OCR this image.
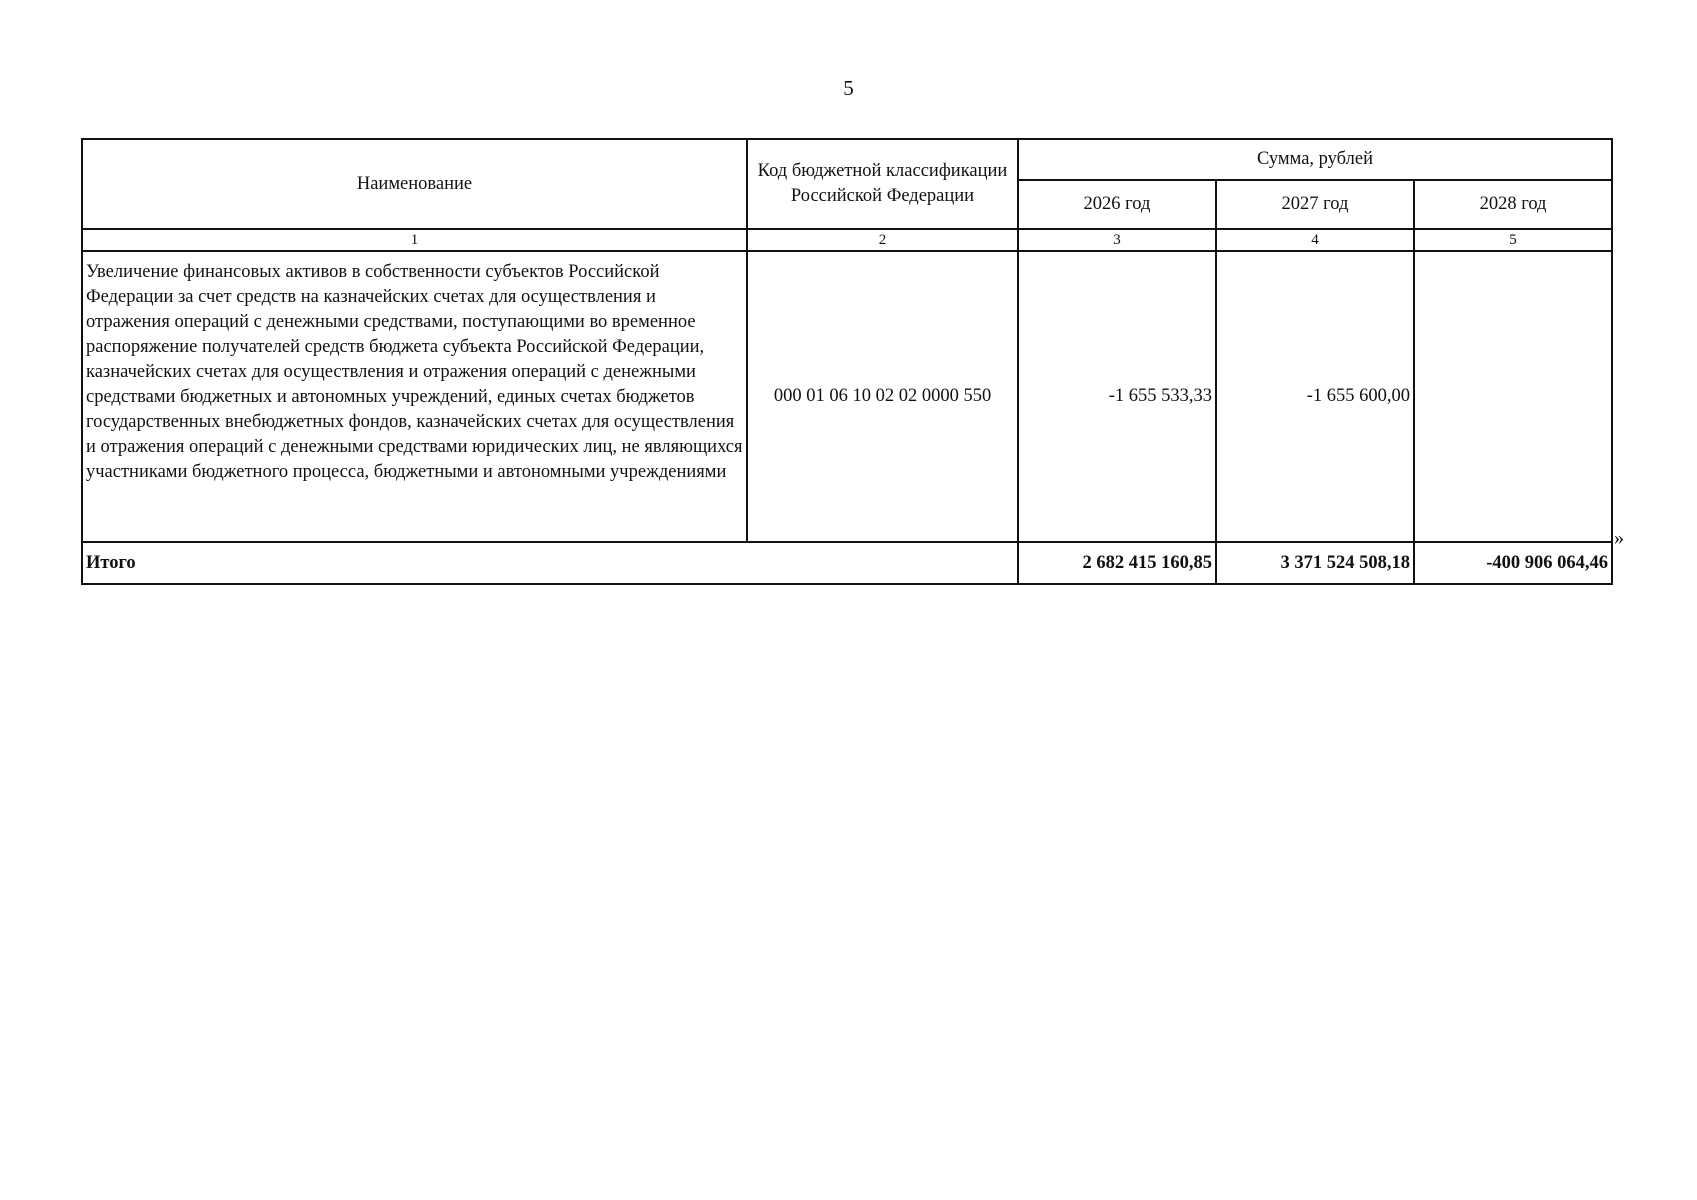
5
Наименование	Код бюджетной классификации Российской Федерации	Сумма, рублей		
		2026 год	2027 год	2028 год
1	2	3	4	5
Увеличение финансовых активов в собственности субъектов Российской Федерации за счет средств на казначейских счетах для осуществления и отражения операций с денежными средствами, поступающими во временное распоряжение получателей средств бюджета субъекта Российской Федерации, казначейских счетах для осуществления и отражения операций с денежными средствами бюджетных и автономных учреждений, единых счетах бюджетов государственных внебюджетных фондов, казначейских счетах для осуществления и отражения операций с денежными средствами юридических лиц, не являющихся участниками бюджетного процесса, бюджетными и автономными учреждениями	000 01 06 10 02 02 0000 550	-1 655 533,33	-1 655 600,00	
Итого		2 682 415 160,85	3 371 524 508,18	-400 906 064,46
»
